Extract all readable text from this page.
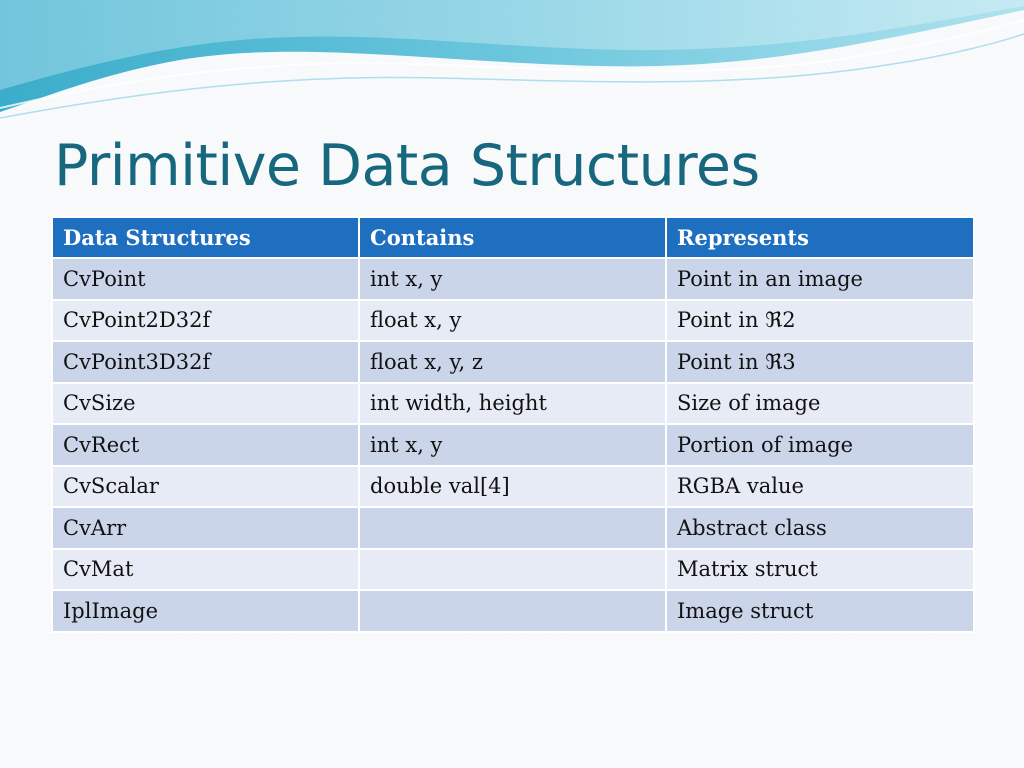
Primitive Data Structures
Data Structures	Contains	Represents
CvPoint	int x, y	Point in an image
CvPoint2D32f	float x, y	Point in ℜ2
CvPoint3D32f	float x, y, z	Point in ℜ3
CvSize	int width, height	Size of image
CvRect	int x, y	Portion of image
CvScalar	double val[4]	RGBA value
CvArr		Abstract class
CvMat		Matrix struct
IplImage		Image struct
